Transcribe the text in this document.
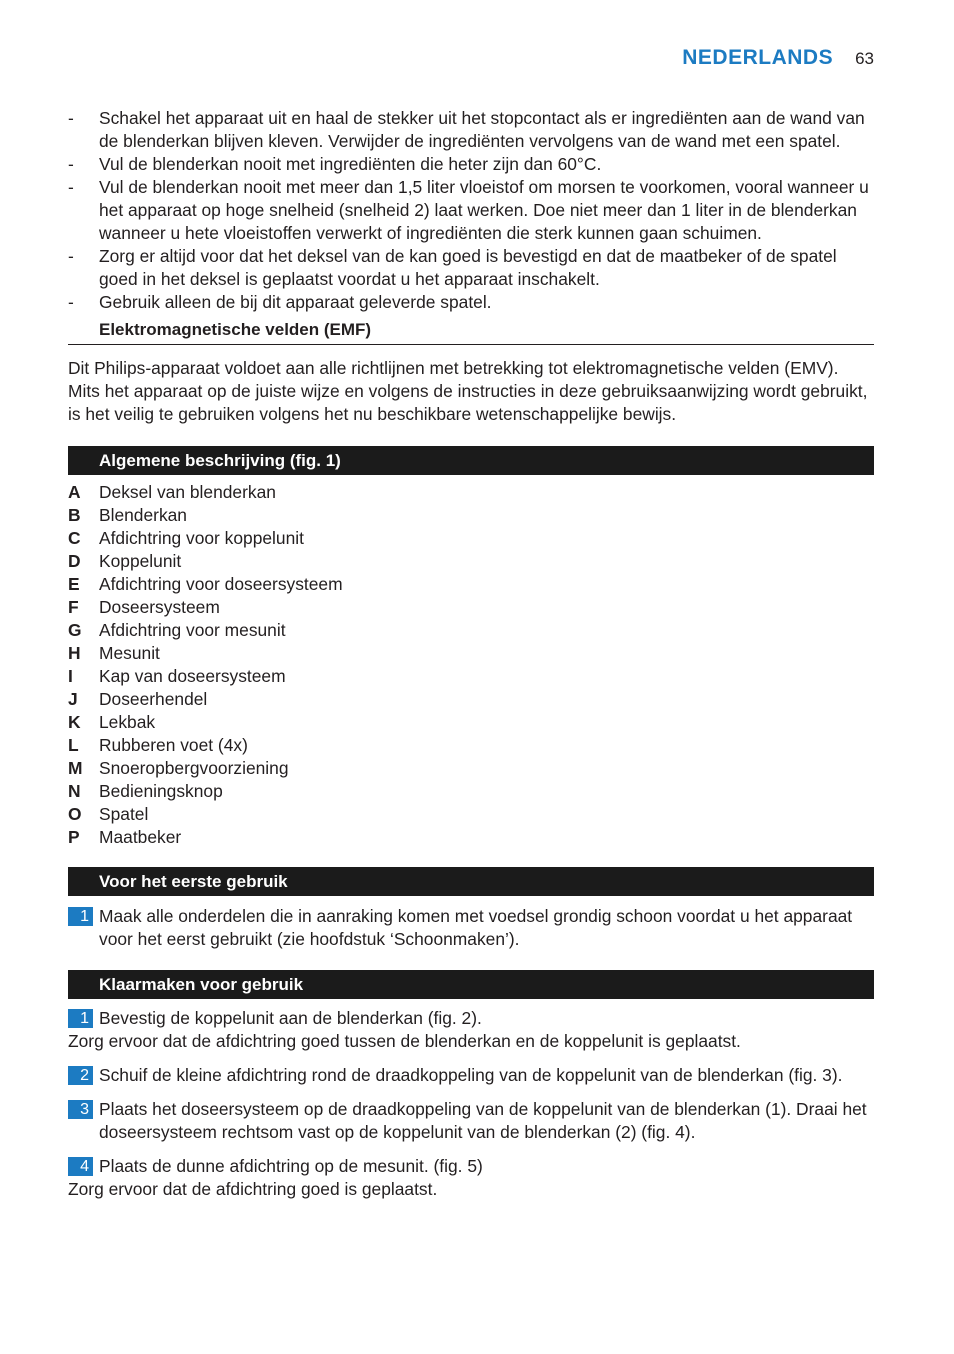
NEDERLANDS 63
- Schakel het apparaat uit en haal de stekker uit het stopcontact als er ingrediënten aan de wand van de blenderkan blijven kleven. Verwijder de ingrediënten vervolgens van de wand met een spatel.
- Vul de blenderkan nooit met ingrediënten die heter zijn dan 60°C.
- Vul de blenderkan nooit met meer dan 1,5 liter vloeistof om morsen te voorkomen, vooral wanneer u het apparaat op hoge snelheid (snelheid 2) laat werken. Doe niet meer dan 1 liter in de blenderkan wanneer u hete vloeistoffen verwerkt of ingrediënten die sterk kunnen gaan schuimen.
- Zorg er altijd voor dat het deksel van de kan goed is bevestigd en dat de maatbeker of de spatel goed in het deksel is geplaatst voordat u het apparaat inschakelt.
- Gebruik alleen de bij dit apparaat geleverde spatel.
Elektromagnetische velden (EMF)
Dit Philips-apparaat voldoet aan alle richtlijnen met betrekking tot elektromagnetische velden (EMV). Mits het apparaat op de juiste wijze en volgens de instructies in deze gebruiksaanwijzing wordt gebruikt, is het veilig te gebruiken volgens het nu beschikbare wetenschappelijke bewijs.
Algemene beschrijving (fig. 1)
A Deksel van blenderkan
B Blenderkan
C Afdichtring voor koppelunit
D Koppelunit
E Afdichtring voor doseersysteem
F Doseersysteem
G Afdichtring voor mesunit
H Mesunit
I Kap van doseersysteem
J Doseerhendel
K Lekbak
L Rubberen voet (4x)
M Snoeropbergvoorziening
N Bedieningsknop
O Spatel
P Maatbeker
Voor het eerste gebruik
1 Maak alle onderdelen die in aanraking komen met voedsel grondig schoon voordat u het apparaat voor het eerst gebruikt (zie hoofdstuk ‘Schoonmaken’).
Klaarmaken voor gebruik
1 Bevestig de koppelunit aan de blenderkan (fig. 2).
Zorg ervoor dat de afdichtring goed tussen de blenderkan en de koppelunit is geplaatst.
2 Schuif de kleine afdichtring rond de draadkoppeling van de koppelunit van de blenderkan (fig. 3).
3 Plaats het doseersysteem op de draadkoppeling van de koppelunit van de blenderkan (1). Draai het doseersysteem rechtsom vast op de koppelunit van de blenderkan (2) (fig. 4).
4 Plaats de dunne afdichtring op de mesunit. (fig. 5)
Zorg ervoor dat de afdichtring goed is geplaatst.
